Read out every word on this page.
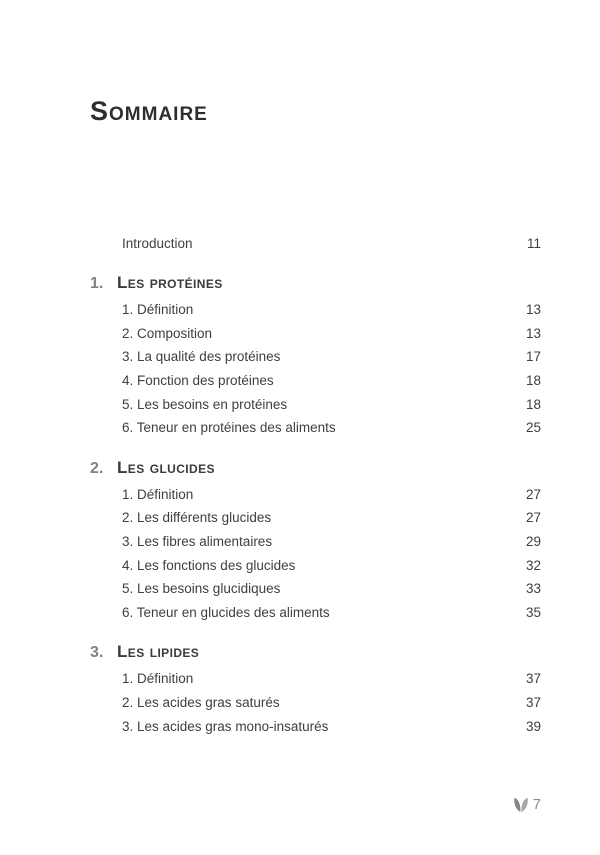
Sommaire
Introduction	11
1. Les protéines
1. Définition	13
2. Composition	13
3. La qualité des protéines	17
4. Fonction des protéines	18
5. Les besoins en protéines	18
6. Teneur en protéines des aliments	25
2. Les glucides
1. Définition	27
2. Les différents glucides	27
3. Les fibres alimentaires	29
4. Les fonctions des glucides	32
5. Les besoins glucidiques	33
6. Teneur en glucides des aliments	35
3. Les lipides
1. Définition	37
2. Les acides gras saturés	37
3. Les acides gras mono-insaturés	39
7
